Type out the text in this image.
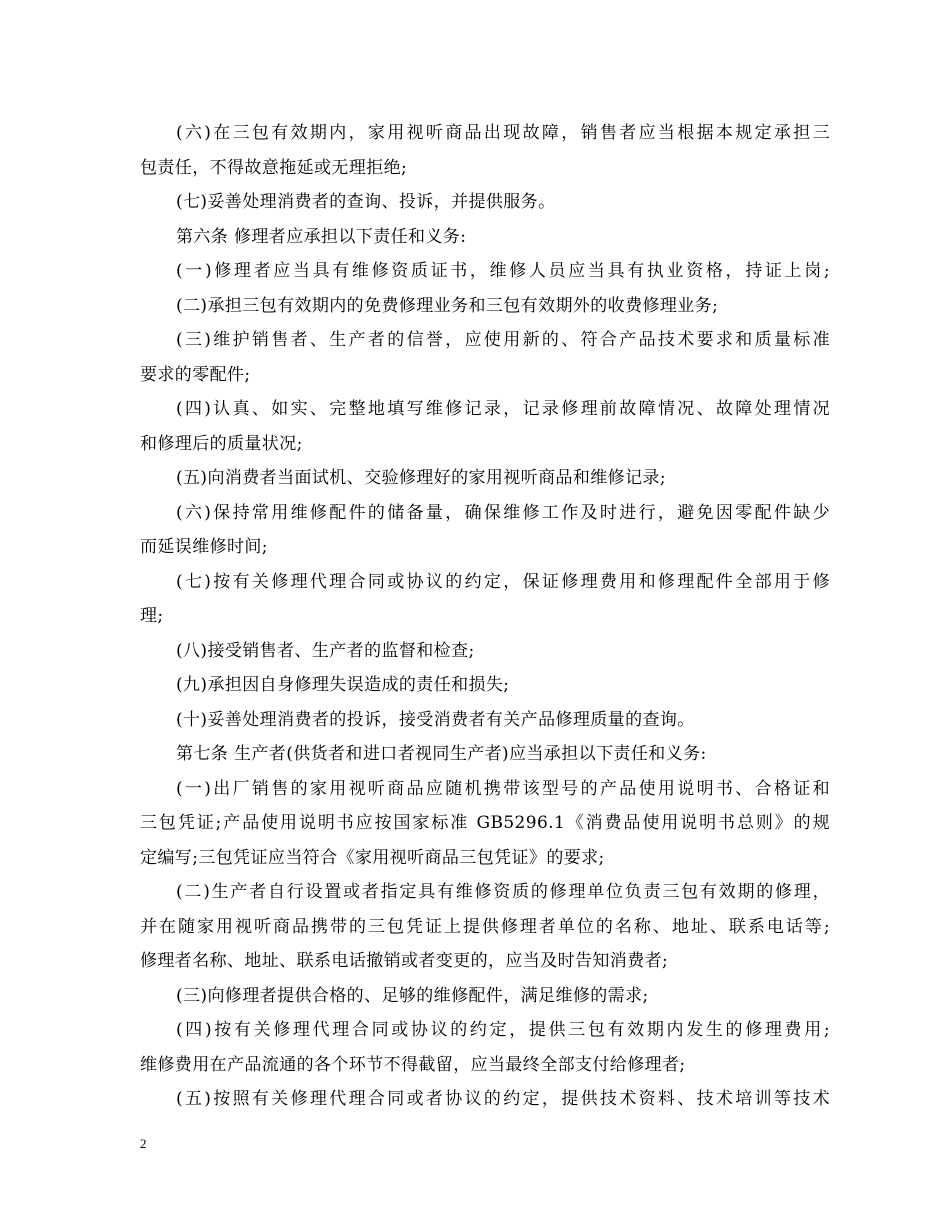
(六)在三包有效期内，家用视听商品出现故障，销售者应当根据本规定承担三
包责任，不得故意拖延或无理拒绝;
(七)妥善处理消费者的查询、投诉，并提供服务。
第六条 修理者应承担以下责任和义务:
(一)修理者应当具有维修资质证书，维修人员应当具有执业资格，持证上岗;
(二)承担三包有效期内的免费修理业务和三包有效期外的收费修理业务;
(三)维护销售者、生产者的信誉，应使用新的、符合产品技术要求和质量标准
要求的零配件;
(四)认真、如实、完整地填写维修记录，记录修理前故障情况、故障处理情况
和修理后的质量状况;
(五)向消费者当面试机、交验修理好的家用视听商品和维修记录;
(六)保持常用维修配件的储备量，确保维修工作及时进行，避免因零配件缺少
而延误维修时间;
(七)按有关修理代理合同或协议的约定，保证修理费用和修理配件全部用于修
理;
(八)接受销售者、生产者的监督和检查;
(九)承担因自身修理失误造成的责任和损失;
(十)妥善处理消费者的投诉，接受消费者有关产品修理质量的查询。
第七条 生产者(供货者和进口者视同生产者)应当承担以下责任和义务:
(一)出厂销售的家用视听商品应随机携带该型号的产品使用说明书、合格证和
三包凭证;产品使用说明书应按国家标准 GB5296.1《消费品使用说明书总则》的规
定编写;三包凭证应当符合《家用视听商品三包凭证》的要求;
(二)生产者自行设置或者指定具有维修资质的修理单位负责三包有效期的修理，
并在随家用视听商品携带的三包凭证上提供修理者单位的名称、地址、联系电话等;
修理者名称、地址、联系电话撤销或者变更的，应当及时告知消费者;
(三)向修理者提供合格的、足够的维修配件，满足维修的需求;
(四)按有关修理代理合同或协议的约定，提供三包有效期内发生的修理费用;
维修费用在产品流通的各个环节不得截留，应当最终全部支付给修理者;
(五)按照有关修理代理合同或者协议的约定，提供技术资料、技术培训等技术
2
